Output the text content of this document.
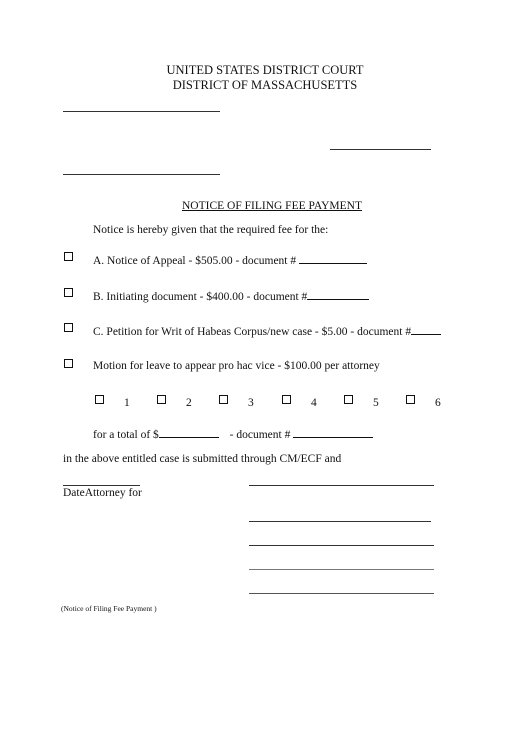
UNITED STATES DISTRICT COURT
DISTRICT OF MASSACHUSETTS
NOTICE OF FILING FEE PAYMENT
Notice is hereby given that the required fee for the:
A. Notice of Appeal - $505.00 - document #
B. Initiating document - $400.00 - document #
C. Petition for Writ of Habeas Corpus/new case - $5.00 - document #
Motion for leave to appear pro hac vice - $100.00 per attorney
1	2	3	4	5	6
for a total of $	- document #
in the above entitled case is submitted through CM/ECF and
DateAttorney for
(Notice of Filing Fee Payment )
